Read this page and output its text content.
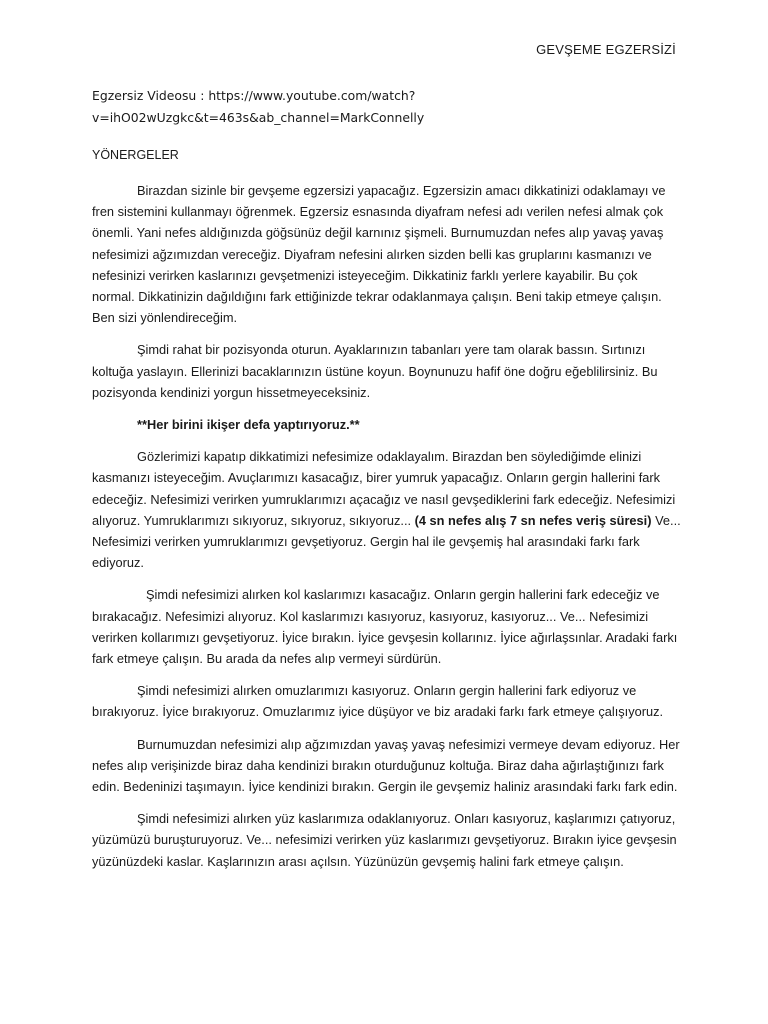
GEVŞEME EGZERSİZİ
Egzersiz Videosu : https://www.youtube.com/watch?
v=ihO02wUzgkc&t=463s&ab_channel=MarkConnelly
YÖNERGELER

Birazdan sizinle bir gevşeme egzersizi yapacağız. Egzersizin amacı dikkatinizi odaklamayı ve fren sistemini kullanmayı öğrenmek. Egzersiz esnasında diyafram nefesi adı verilen nefesi almak çok önemli. Yani nefes aldığınızda göğsünüz değil karnınız şişmeli. Burnumuzdan nefes alıp yavaş yavaş nefesimizi ağzımızdan vereceğiz. Diyafram nefesini alırken sizden belli kas gruplarını kasmanızı ve nefesinizi verirken kaslarınızı gevşetmenizi isteyeceğim. Dikkatiniz farklı yerlere kayabilir. Bu çok normal. Dikkatinizin dağıldığını fark ettiğinizde tekrar odaklanmaya çalışın. Beni takip etmeye çalışın. Ben sizi yönlendireceğim.

Şimdi rahat bir pozisyonda oturun. Ayaklarınızın tabanları yere tam olarak bassın. Sırtınızı koltuğa yaslayın. Ellerinizi bacaklarınızın üstüne koyun. Boynunuzu hafif öne doğru eğeblilirsiniz. Bu pozisyonda kendinizi yorgun hissetmeyeceksiniz.

**Her birini ikişer defa yaptırıyoruz.**

Gözlerimizi kapatıp dikkatimizi nefesimize odaklayalım. Birazdan ben söylediğimde elinizi kasmanızı isteyeceğim. Avuçlarımızı kasacağız, birer yumruk yapacağız. Onların gergin hallerini fark edeceğiz. Nefesimizi verirken yumruklarımızı açacağız ve nasıl gevşediklerini fark edeceğiz. Nefesimizi alıyoruz. Yumruklarımızı sıkıyoruz, sıkıyoruz, sıkıyoruz... (4 sn nefes alış 7 sn nefes veriş süresi) Ve... Nefesimizi verirken yumruklarımızı gevşetiyoruz. Gergin hal ile gevşemiş hal arasındaki farkı fark ediyoruz.

Şimdi nefesimizi alırken kol kaslarımızı kasacağız. Onların gergin hallerini fark edeceğiz ve bırakacağız. Nefesimizi alıyoruz. Kol kaslarımızı kasıyoruz, kasıyoruz, kasıyoruz... Ve... Nefesimizi verirken kollarımızı gevşetiyoruz. İyice bırakın. İyice gevşesin kollarınız. İyice ağırlaşsınlar. Aradaki farkı fark etmeye çalışın. Bu arada da nefes alıp vermeyi sürdürün.

Şimdi nefesimizi alırken omuzlarımızı kasıyoruz. Onların gergin hallerini fark ediyoruz ve bırakıyoruz. İyice bırakıyoruz. Omuzlarımız iyice düşüyor ve biz aradaki farkı fark etmeye çalışıyoruz.

Burnumuzdan nefesimizi alıp ağzımızdan yavaş yavaş nefesimizi vermeye devam ediyoruz. Her nefes alıp verişinizde biraz daha kendinizi bırakın oturduğunuz koltuğa. Biraz daha ağırlaştığınızı fark edin. Bedeninizi taşımayın. İyice kendinizi bırakın. Gergin ile gevşemiz haliniz arasındaki farkı fark edin.

Şimdi nefesimizi alırken yüz kaslarımıza odaklanıyoruz. Onları kasıyoruz, kaşlarımızı çatıyoruz, yüzümüzü buruşturuyoruz. Ve... nefesimizi verirken yüz kaslarımızı gevşetiyoruz. Bırakın iyice gevşesin yüzünüzdeki kaslar. Kaşlarınızın arası açılsın. Yüzünüzün gevşemiş halini fark etmeye çalışın.
